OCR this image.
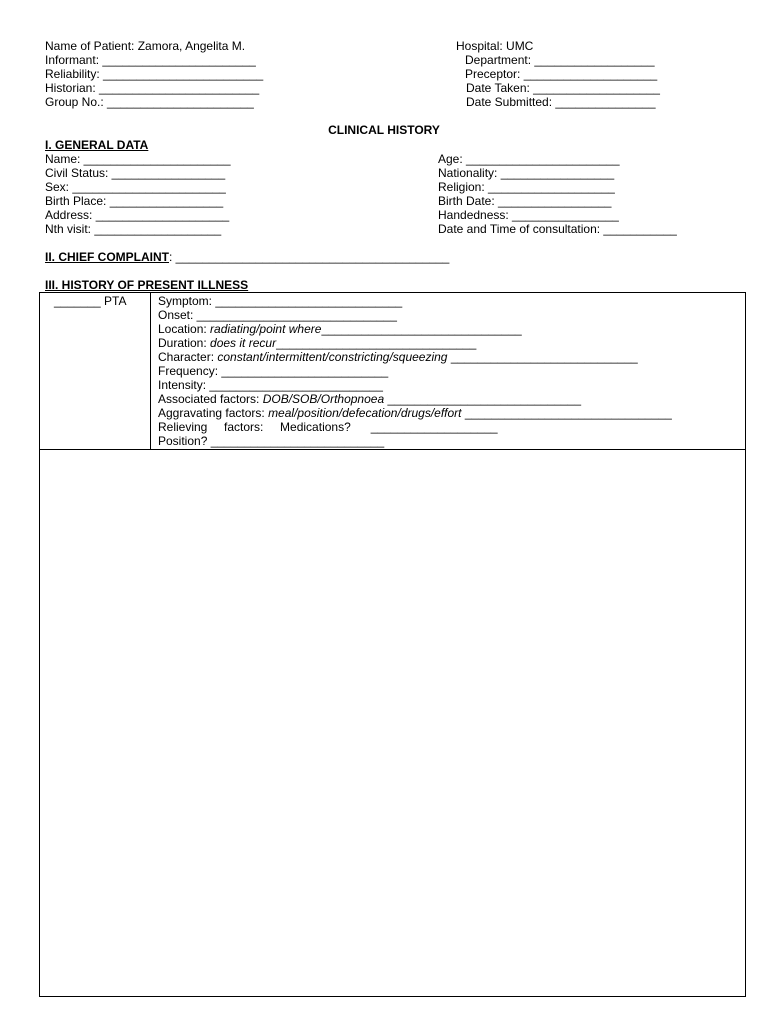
Name of Patient: Zamora, Angelita M.
Informant: _______________________
Reliability: ________________________
Historian: ________________________
Group No.: ______________________
Hospital: UMC
Department: __________________
Preceptor: ____________________
Date Taken: ___________________
Date Submitted: _______________
CLINICAL HISTORY
I. GENERAL DATA
Name: ______________________
Civil Status: _________________
Sex: _______________________
Birth Place: _________________
Address: ____________________
Nth visit: ___________________
Age: _______________________
Nationality: _________________
Religion: ___________________
Birth Date: _________________
Handedness: ________________
Date and Time of consultation: ___________
II. CHIEF COMPLAINT: _________________________________________
III. HISTORY OF PRESENT ILLNESS
_______ PTA	Symptom: ____________________________
Onset: ______________________________
Location: radiating/point where______________________________
Duration: does it recur______________________________
Character: constant/intermittent/constricting/squeezing ____________________________
Frequency: _________________________
Intensity: __________________________
Associated factors: DOB/SOB/Orthopnoea _____________________________
Aggravating factors: meal/position/defecation/drugs/effort _______________________________
Relieving     factors:     Medications?      ___________________
Position? __________________________
